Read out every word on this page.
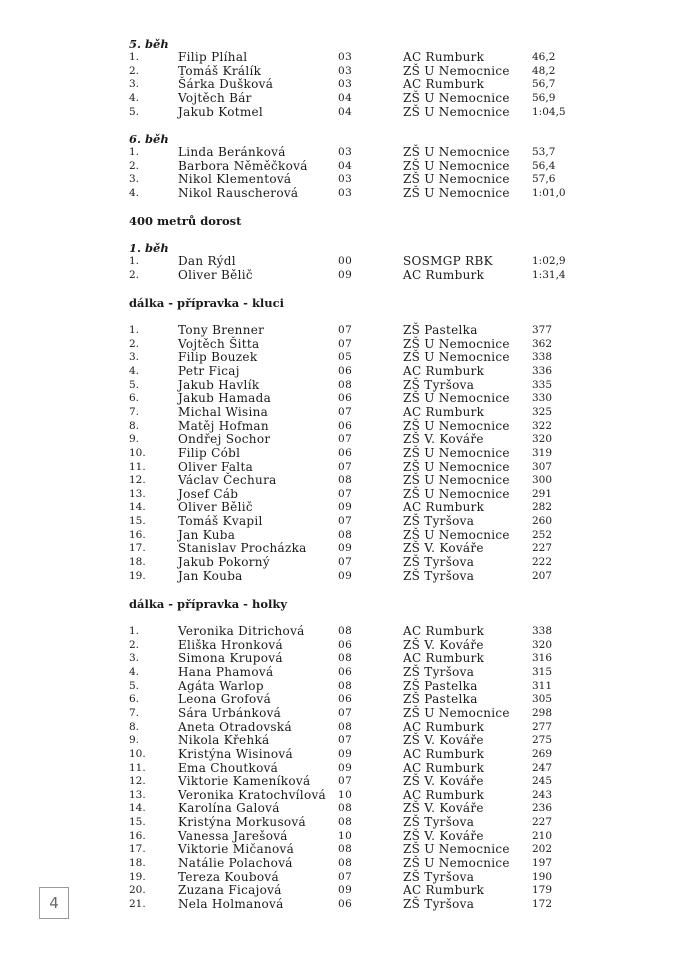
5. běh
1.	Filip Plíhal	03	AC Rumburk	46,2
2.	Tomáš Králík	03	ZŠ U Nemocnice 48,2
3.	Šárka Dušková	03	AC Rumburk	56,7
4.	Vojtěch Bár	04	ZŠ U Nemocnice 56,9
5.	Jakub Kotmel	04	ZŠ U Nemocnice 1:04,5
6. běh
1.	Linda Beránková	03	ZŠ U Nemocnice 53,7
2.	Barbora Něměčková	04	ZŠ U Nemocnice 56,4
3.	Nikol Klementová	03	ZŠ U Nemocnice 57,6
4.	Nikol Rauscherová	03	ZŠ U Nemocnice 1:01,0
400 metrů dorost
1. běh
1.	Dan Rýdl	00	SOSMGP RBK	1:02,9
2.	Oliver Bělič	09	AC Rumburk	1:31,4
dálka - přípravka - kluci
1.	Tony Brenner	07	ZŠ Pastelka	377
2.	Vojtěch Šitta	07	ZŠ U Nemocnice 362
3.	Filip Bouzek	05	ZŠ U Nemocnice 338
4.	Petr Ficaj	06	AC Rumburk	336
5.	Jakub Havlík	08	ZŠ Tyršova	335
6.	Jakub Hamada	06	ZŠ U Nemocnice 330
7.	Michal Wisina	07	AC Rumburk	325
8.	Matěj Hofman	06	ZŠ U Nemocnice 322
9.	Ondřej Sochor	07	ZŠ V. Kováře	320
10.	Filip Cóbl	06	ZŠ U Nemocnice 319
11.	Oliver Falta	07	ZŠ U Nemocnice 307
12.	Václav Čechura	08	ZŠ U Nemocnice 300
13.	Josef Cáb	07	ZŠ U Nemocnice 291
14.	Oliver Bělič	09	AC Rumburk	282
15.	Tomáš Kvapil	07	ZŠ Tyršova	260
16.	Jan Kuba	08	ZŠ U Nemocnice 252
17.	Stanislav Procházka	09	ZŠ V. Kováře	227
18.	Jakub Pokorný	07	ZŠ Tyršova	222
19.	Jan Kouba	09	ZŠ Tyršova	207
dálka - přípravka - holky
1.	Veronika Ditrichová	08	AC Rumburk	338
2.	Eliška Hronková	06	ZŠ V. Kováře	320
3.	Simona Krupová	08	AC Rumburk	316
4.	Hana Phamová	06	ZŠ Tyršova	315
5.	Agáta Warlop	08	ZŠ Pastelka	311
6.	Leona Grofová	06	ZŠ Pastelka	305
7.	Sára Urbánková	07	ZŠ U Nemocnice 298
8.	Aneta Otradovská	08	AC Rumburk	277
9.	Nikola Křehká	07	ZŠ V. Kováře	275
10.	Kristýna Wisinová	09	AC Rumburk	269
11.	Ema Choutková	09	AC Rumburk	247
12.	Viktorie Kameníková	07	ZŠ V. Kováře	245
13.	Veronika Kratochvílová 10	AC Rumburk	243
14.	Karolína Galová	08	ZŠ V. Kováře	236
15.	Kristýna Morkusová	08	ZŠ Tyršova	227
16.	Vanessa Jarešová	10	ZŠ V. Kováře	210
17.	Viktorie Mičanová	08	ZŠ U Nemocnice 202
18.	Natálie Polachová	08	ZŠ U Nemocnice 197
19.	Tereza Koubová	07	ZŠ Tyršova	190
20.	Zuzana Ficajová	09	AC Rumburk	179
21.	Nela Holmanová	06	ZŠ Tyršova	172
4
